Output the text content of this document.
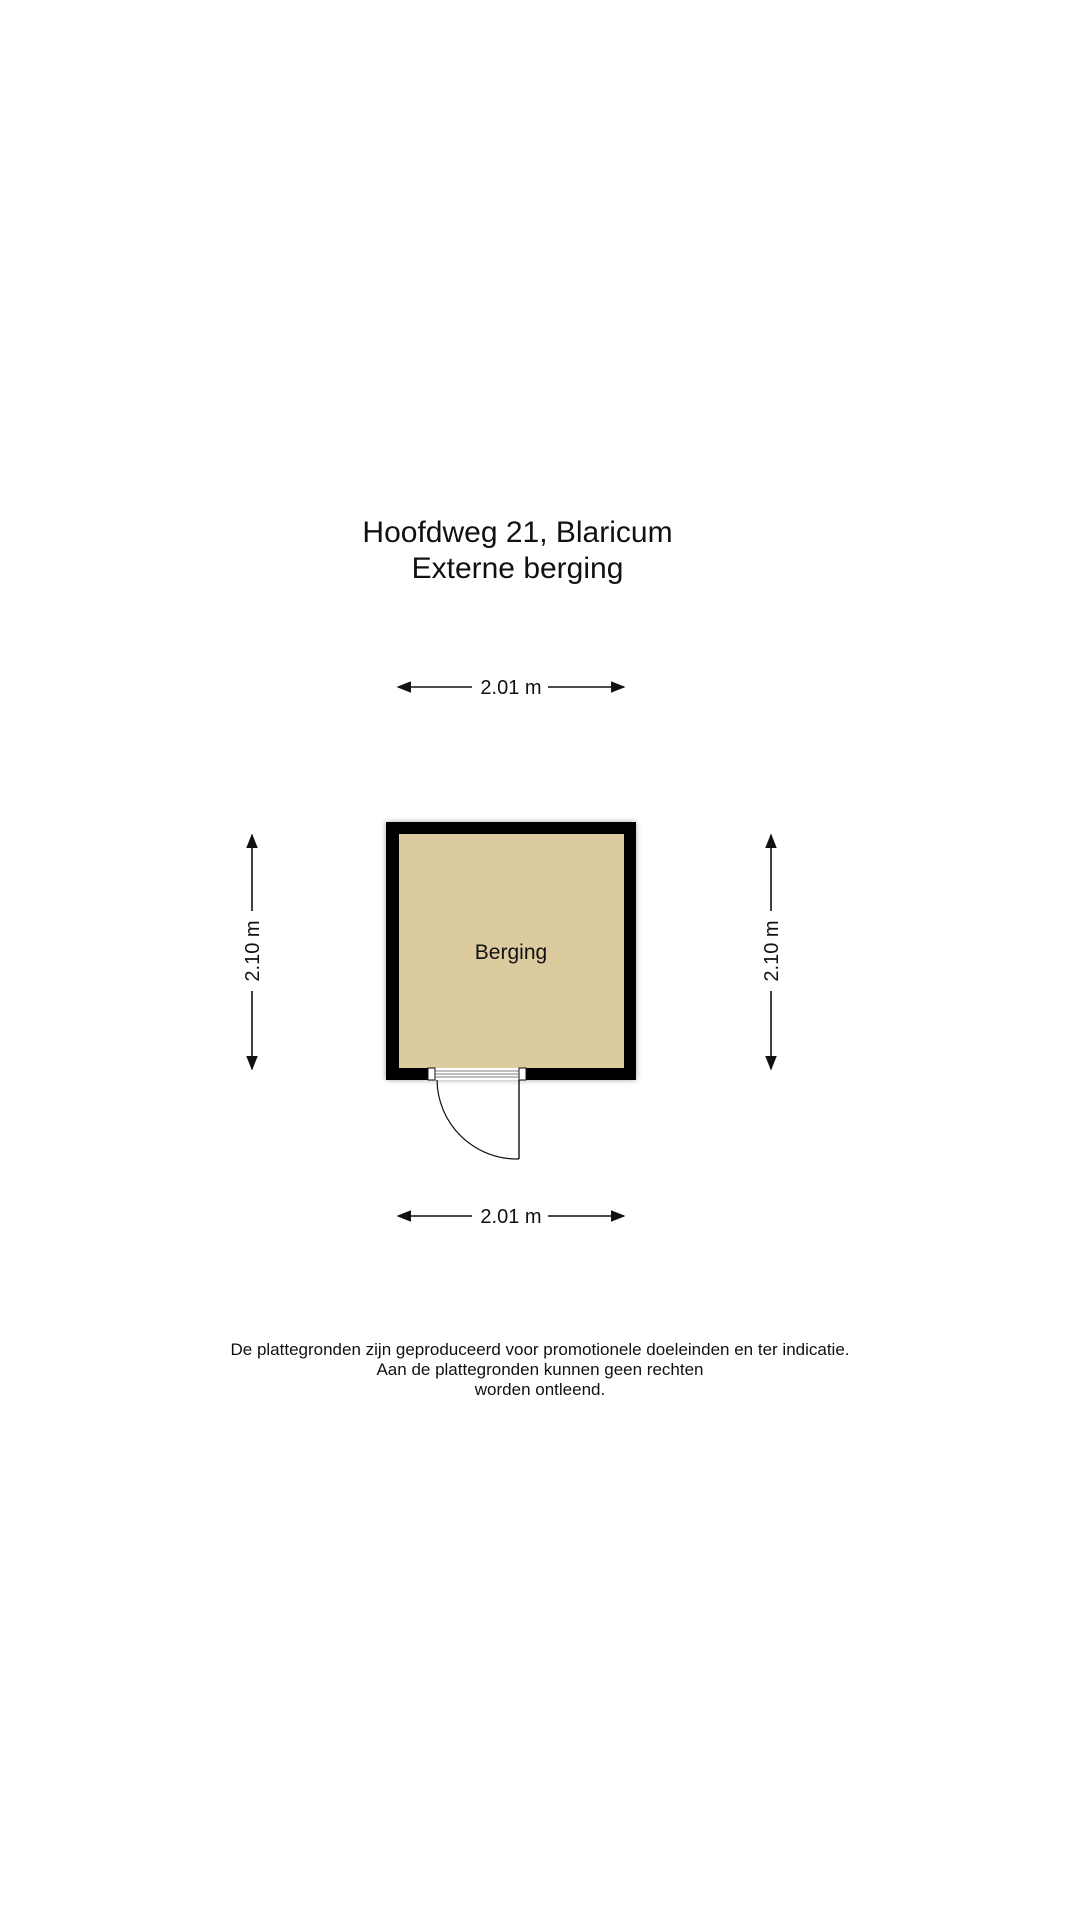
Hoofdweg 21, Blaricum
Externe berging
2.01 m
2.10 m	2.10 m
Berging
2.01 m
De plattegronden zijn geproduceerd voor promotionele doeleinden en ter indicatie.
Aan de plattegronden kunnen geen rechten
worden ontleend.
